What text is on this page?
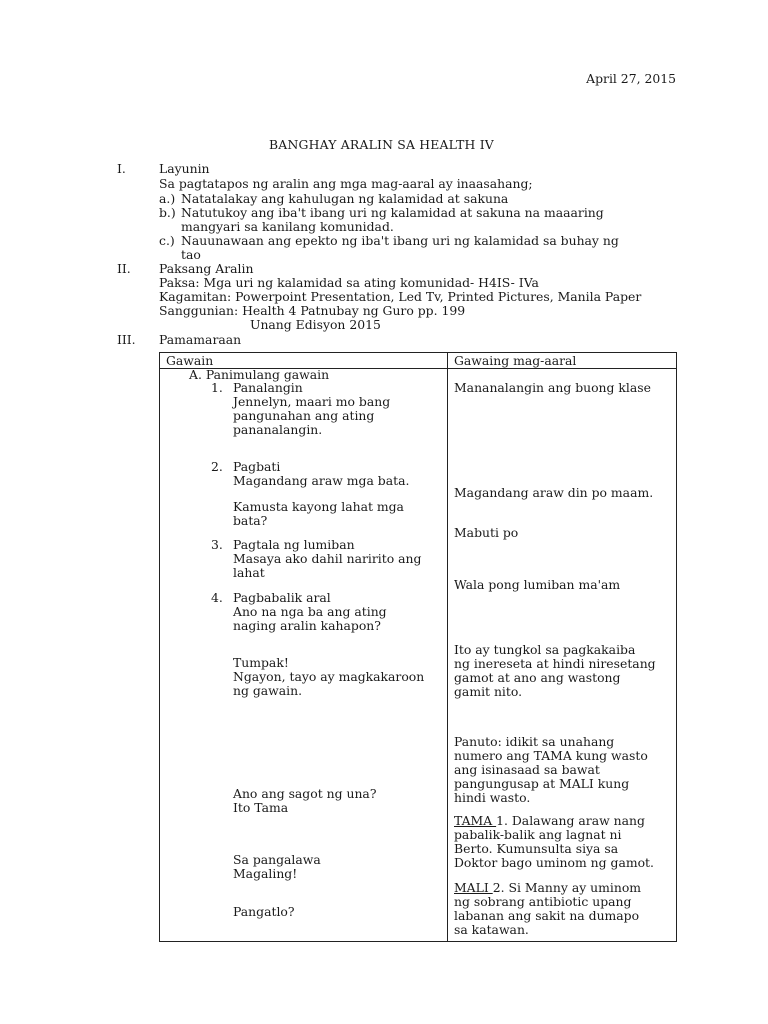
April 27, 2015
BANGHAY ARALIN SA HEALTH IV
I.	Layunin
Sa pagtatapos ng aralin ang mga mag-aaral ay inaasahang;
a.) Natatalakay ang kahulugan ng kalamidad at sakuna
b.) Natutukoy ang iba't ibang uri ng kalamidad at sakuna na maaaring
mangyari sa kanilang komunidad.
c.) Nauunawaan ang epekto ng iba't ibang uri ng kalamidad sa buhay ng
tao
II. Paksang Aralin
Paksa: Mga uri ng kalamidad sa ating komunidad- H4IS- IVa
Kagamitan: Powerpoint Presentation, Led Tv, Printed Pictures, Manila Paper
Sanggunian: Health 4 Patnubay ng Guro pp. 199
Unang Edisyon 2015
III. Pamamaraan
Gawain	Gawaing mag-aaral
A. Panimulang gawain
1. Panalangin
Jennelyn, maari mo bang
pangunahan ang ating
pananalangin.
2. Pagbati
Magandang araw mga bata.
Kamusta kayong lahat mga
bata?
3. Pagtala ng lumiban
Masaya ako dahil naririto ang
lahat
4. Pagbabalik aral
Ano na nga ba ang ating
naging aralin kahapon?
Tumpak!
Ngayon, tayo ay magkakaroon
ng gawain.
Ano ang sagot ng una?
Ito Tama
Sa pangalawa
Magaling!
Pangatlo?
Mananalangin ang buong klase
Magandang araw din po maam.
Mabuti po
Wala pong lumiban ma'am
Ito ay tungkol sa pagkakaiba
ng inereseta at hindi niresetang
gamot at ano ang wastong
gamit nito.
Panuto: idikit sa unahang
numero ang TAMA kung wasto
ang isinasaad sa bawat
pangungusap at MALI kung
hindi wasto.
TAMA 1. Dalawang araw nang
pabalik-balik ang lagnat ni
Berto. Kumunsulta siya sa
Doktor bago uminom ng gamot.
MALI 2. Si Manny ay uminom
ng sobrang antibiotic upang
labanan ang sakit na dumapo
sa katawan.
